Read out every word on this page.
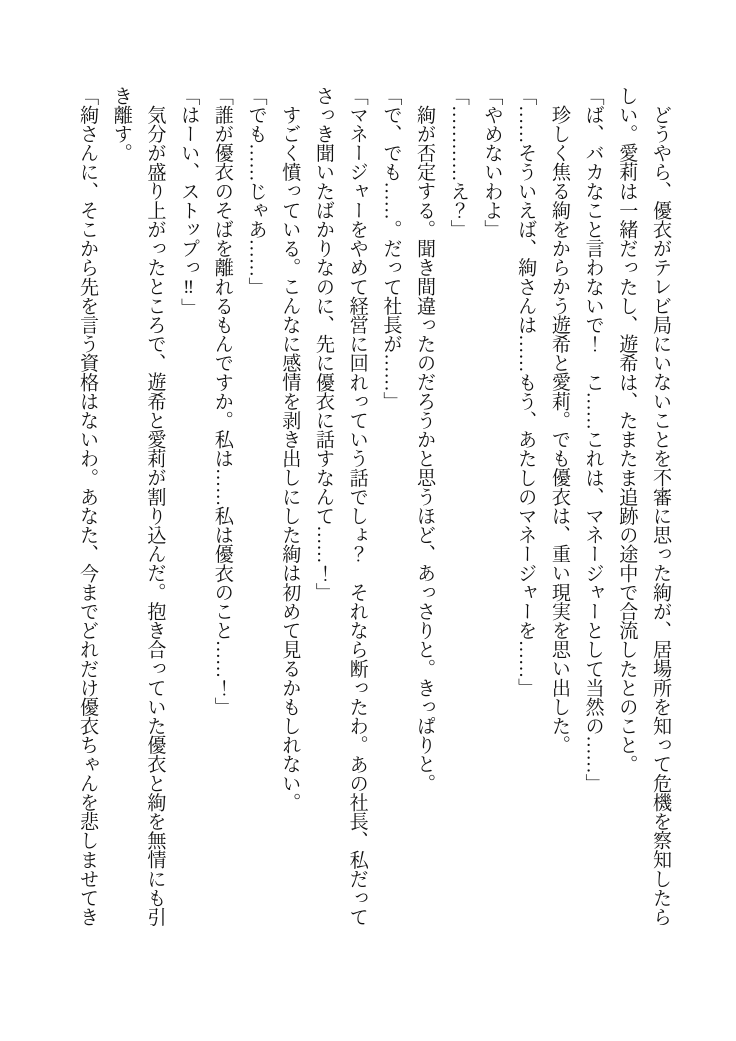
どうやら、優衣がテレビ局にいないことを不審に思った絢が、居場所を知って危機を察知したらしい。愛莉は一緒だったし、遊希は、たまたま追跡の途中で合流したとのこと。

「ば、バカなこと言わないで！　こ……これは、マネージャーとして当然の……」

珍しく焦る絢をからかう遊希と愛莉。でも優衣は、重い現実を思い出した。

「……そういえば、絢さんは……もう、あたしのマネージャーを……」

「やめないわよ」

「…………え？」

絢が否定する。聞き間違ったのだろうかと思うほど、あっさりと。きっぱりと。

「で、でも……。だって社長が……」

「マネージャーをやめて経営に回れっていう話でしょ？　それなら断ったわ。あの社長、私だってさっき聞いたばかりなのに、先に優衣に話すなんて……！」

すごく憤っている。こんなに感情を剥き出しにした絢は初めて見るかもしれない。

「でも……じゃあ……」

「誰が優衣のそばを離れるもんですか。私は……私は優衣のこと……！」

「はーい、ストップっ‼」

気分が盛り上がったところで、遊希と愛莉が割り込んだ。抱き合っていた優衣と絢を無情にも引き離す。

「絢さんに、そこから先を言う資格はないわ。あなた、今までどれだけ優衣ちゃんを悲しませてき
